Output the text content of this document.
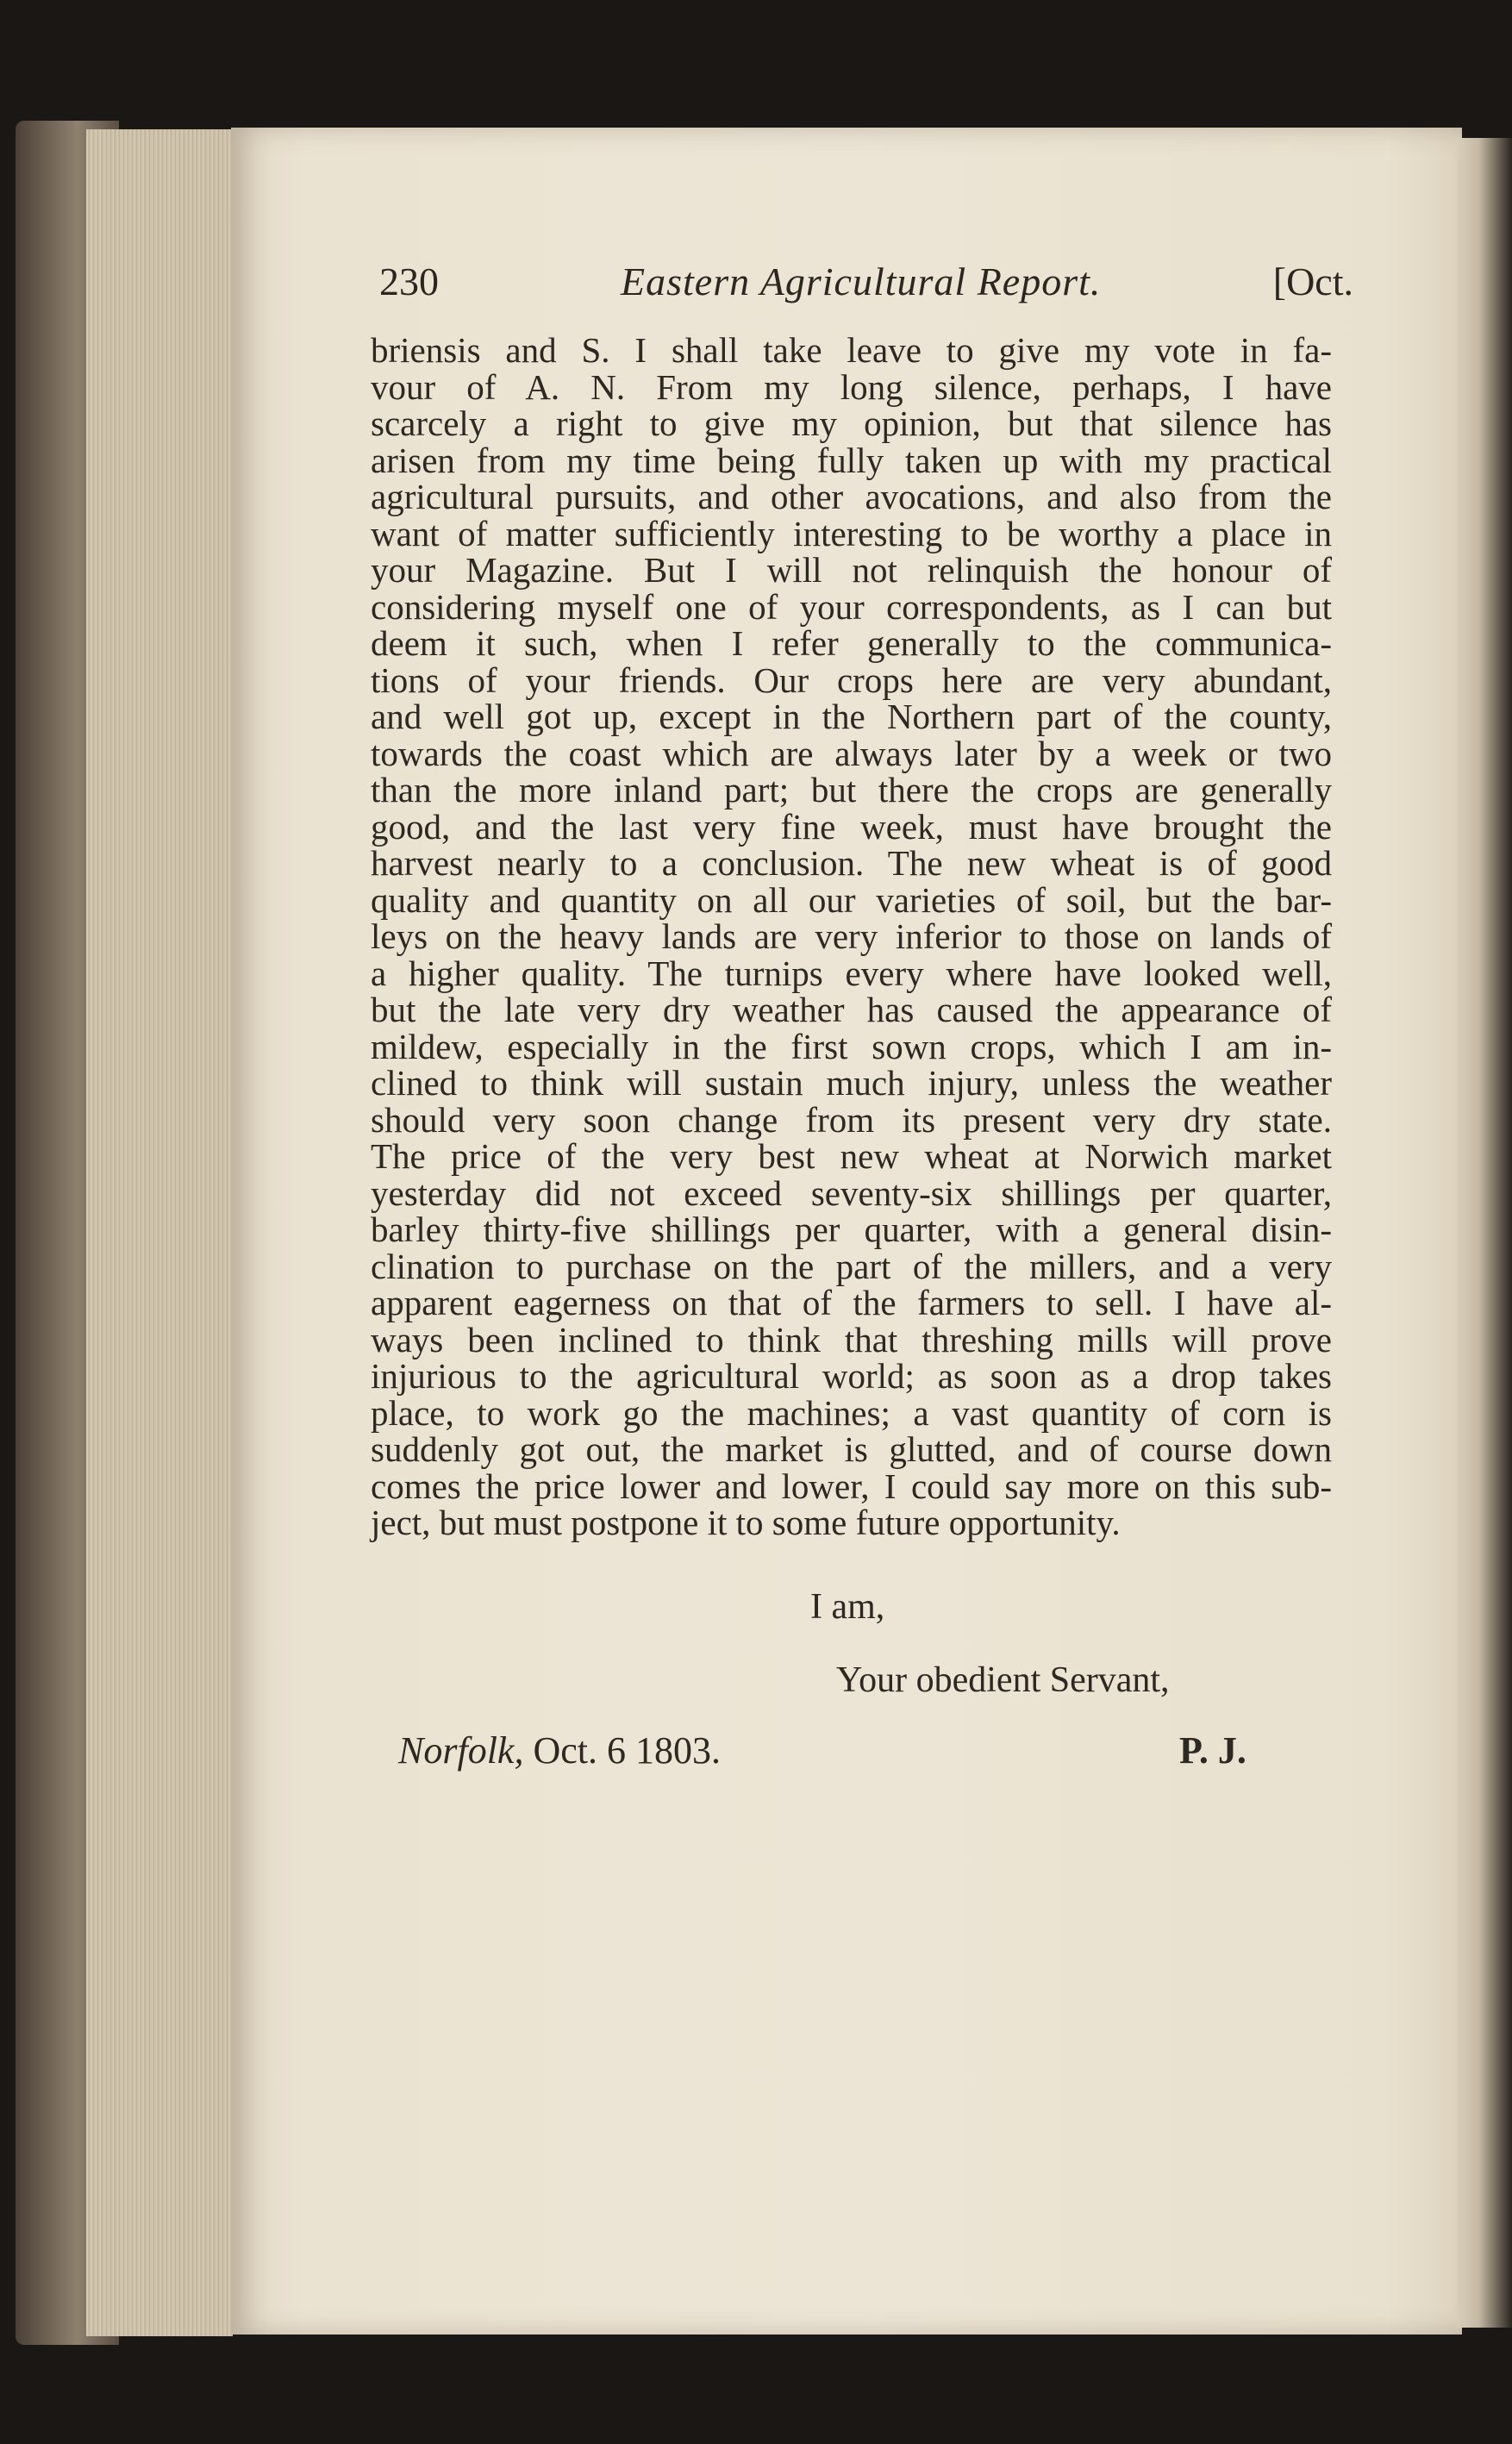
230	Eastern Agricultural Report.	[Oct.
briensis and S. I shall take leave to give my vote in fa-
vour of A. N. From my long silence, perhaps, I have
scarcely a right to give my opinion, but that silence has
arisen from my time being fully taken up with my practical
agricultural pursuits, and other avocations, and also from the
want of matter sufficiently interesting to be worthy a place in
your Magazine. But I will not relinquish the honour of
considering myself one of your correspondents, as I can but
deem it such, when I refer generally to the communica-
tions of your friends. Our crops here are very abundant,
and well got up, except in the Northern part of the county,
towards the coast which are always later by a week or two
than the more inland part; but there the crops are generally
good, and the last very fine week, must have brought the
harvest nearly to a conclusion. The new wheat is of good
quality and quantity on all our varieties of soil, but the bar-
leys on the heavy lands are very inferior to those on lands of
a higher quality. The turnips every where have looked well,
but the late very dry weather has caused the appearance of
mildew, especially in the first sown crops, which I am in-
clined to think will sustain much injury, unless the weather
should very soon change from its present very dry state.
The price of the very best new wheat at Norwich market
yesterday did not exceed seventy-six shillings per quarter,
barley thirty-five shillings per quarter, with a general disin-
clination to purchase on the part of the millers, and a very
apparent eagerness on that of the farmers to sell. I have al-
ways been inclined to think that threshing mills will prove
injurious to the agricultural world; as soon as a drop takes
place, to work go the machines; a vast quantity of corn is
suddenly got out, the market is glutted, and of course down
comes the price lower and lower, I could say more on this sub-
ject, but must postpone it to some future opportunity.
I am,
Your obedient Servant,
Norfolk, Oct. 6 1803.	P. J.
